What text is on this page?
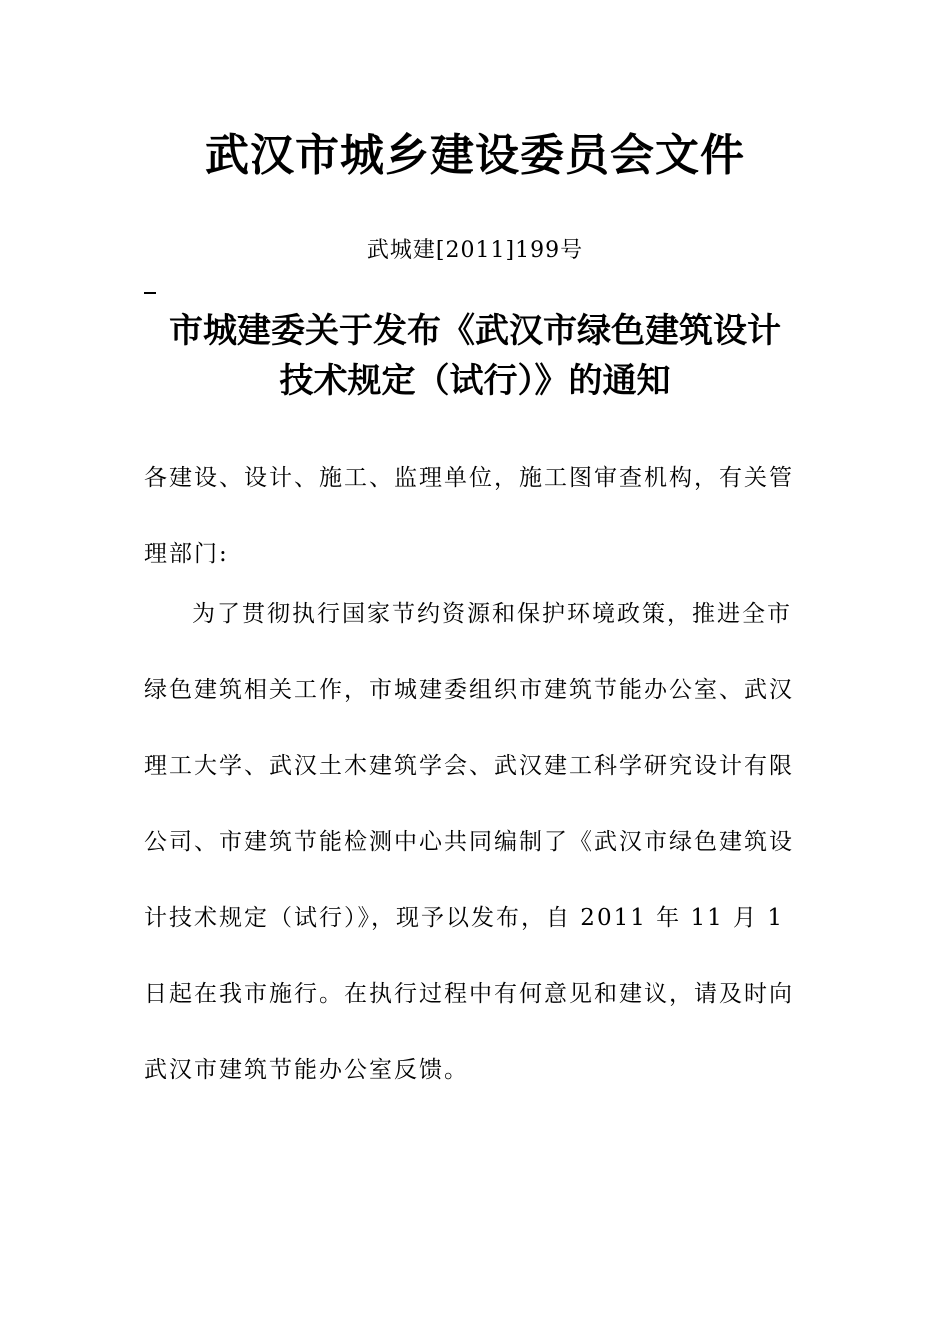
武汉市城乡建设委员会文件
武城建[2011]199号
市城建委关于发布《武汉市绿色建筑设计
技术规定（试行）》的通知
各建设、设计、施工、监理单位，施工图审查机构，有关管理部门:
为了贯彻执行国家节约资源和保护环境政策，推进全市绿色建筑相关工作，市城建委组织市建筑节能办公室、武汉理工大学、武汉土木建筑学会、武汉建工科学研究设计有限公司、市建筑节能检测中心共同编制了《武汉市绿色建筑设计技术规定（试行）》，现予以发布，自 2011 年 11 月 1 日起在我市施行。在执行过程中有何意见和建议，请及时向武汉市建筑节能办公室反馈。
